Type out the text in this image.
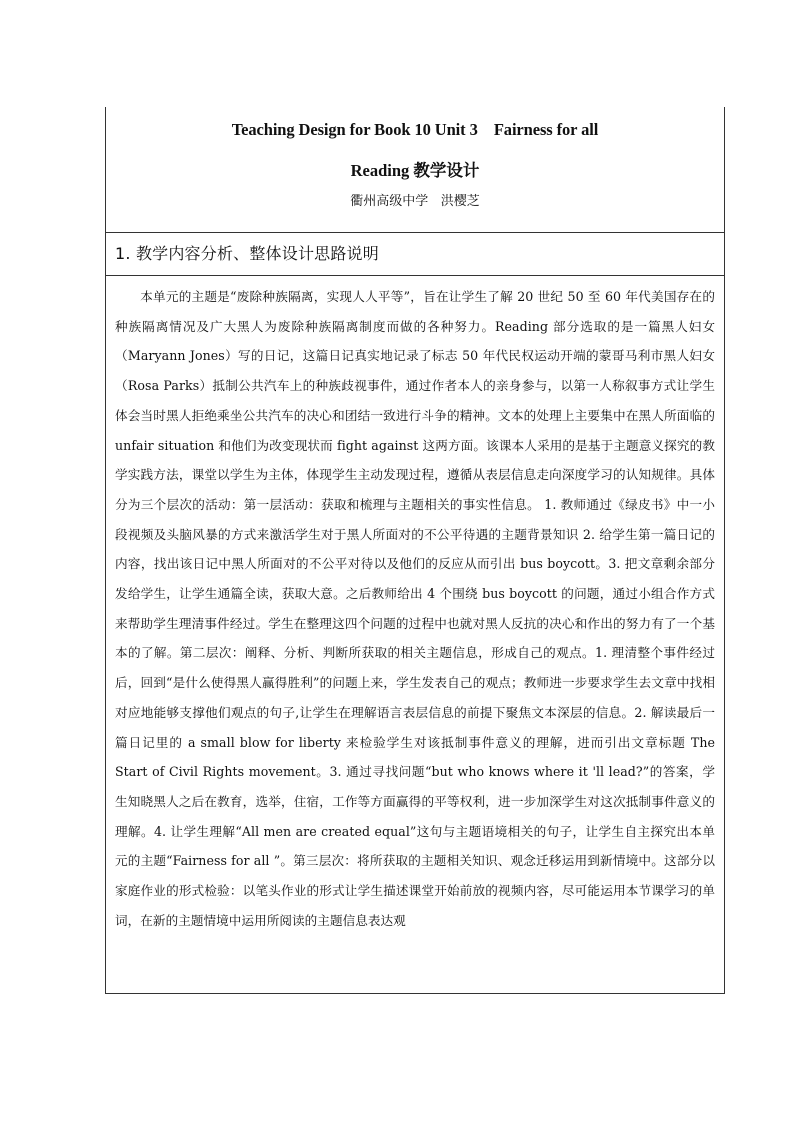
Teaching Design for Book 10 Unit 3    Fairness for all
Reading 教学设计
衢州高级中学   洪樱芝
1. 教学内容分析、整体设计思路说明

本单元的主题是“废除种族隔离，实现人人平等”，旨在让学生了解 20 世纪 50 至 60 年代美国存在的种族隔离情况及广大黑人为废除种族隔离制度而做的各种努力。Reading 部分选取的是一篇黑人妇女（Maryann Jones）写的日记，这篇日记真实地记录了标志 50 年代民权运动开端的蒙哥马利市黑人妇女（Rosa Parks）抵制公共汽车上的种族歧视事件，通过作者本人的亲身参与，以第一人称叙事方式让学生体会当时黑人拒绝乘坐公共汽车的决心和团结一致进行斗争的精神。文本的处理上主要集中在黑人所面临的 unfair situation 和他们为改变现状而 fight against 这两方面。该课本人采用的是基于主题意义探究的教学实践方法，课堂以学生为主体，体现学生主动发现过程，遵循从表层信息走向深度学习的认知规律。具体分为三个层次的活动：第一层活动：获取和梳理与主题相关的事实性信息。 1. 教师通过《绿皮书》中一小段视频及头脑风暴的方式来激活学生对于黑人所面对的不公平待遇的主题背景知识 2. 给学生第一篇日记的内容，找出该日记中黑人所面对的不公平对待以及他们的反应从而引出 bus boycott。3. 把文章剩余部分发给学生，让学生通篇全读，获取大意。之后教师给出 4 个围绕 bus boycott 的问题，通过小组合作方式来帮助学生理清事件经过。学生在整理这四个问题的过程中也就对黑人反抗的决心和作出的努力有了一个基本的了解。第二层次：阐释、分析、判断所获取的相关主题信息，形成自己的观点。1. 理清整个事件经过后，回到“是什么使得黑人赢得胜利”的问题上来，学生发表自己的观点；教师进一步要求学生去文章中找相对应地能够支撑他们观点的句子,让学生在理解语言表层信息的前提下聚焦文本深层的信息。2. 解读最后一篇日记里的 a small blow for liberty 来检验学生对该抵制事件意义的理解，进而引出文章标题 The Start of Civil Rights movement。3. 通过寻找问题“but who knows where it 'll lead?”的答案，学生知晓黑人之后在教育，选举，住宿，工作等方面赢得的平等权利，进一步加深学生对这次抵制事件意义的理解。4. 让学生理解“All men are created equal”这句与主题语境相关的句子，让学生自主探究出本单元的主题“Fairness for all ”。第三层次：将所获取的主题相关知识、观念迁移运用到新情境中。这部分以家庭作业的形式检验：以笔头作业的形式让学生描述课堂开始前放的视频内容，尽可能运用本节课学习的单词，在新的主题情境中运用所阅读的主题信息表达观
